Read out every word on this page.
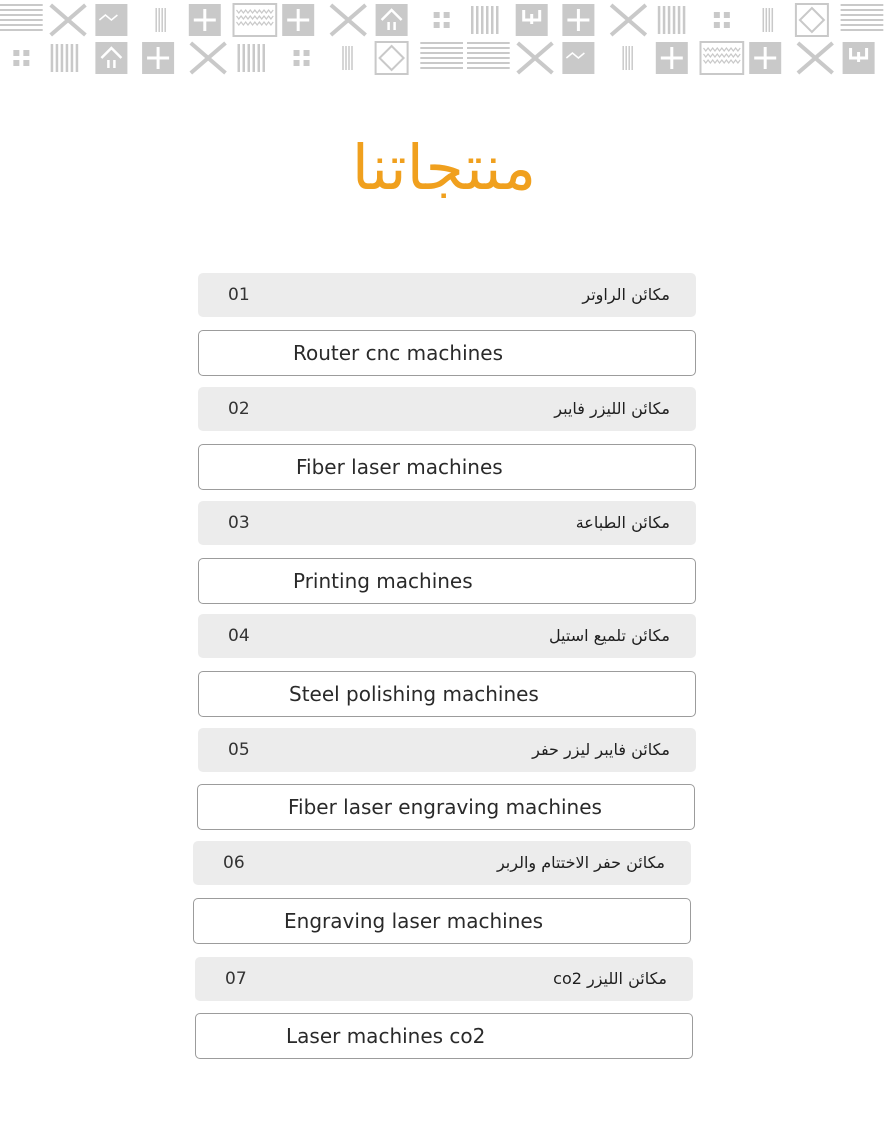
منتجاتنا
01	مكائن الراوتر
Router cnc machines
02	مكائن الليزر فايبر
Fiber laser machines
03	مكائن الطباعة
Printing machines
04	مكائن تلميع استيل
Steel polishing machines
05	مكائن فايبر ليزر حفر
Fiber laser engraving machines
06	مكائن حفر الاختتام والربر
Engraving laser machines
07	مكائن الليزر co2
Laser machines co2
